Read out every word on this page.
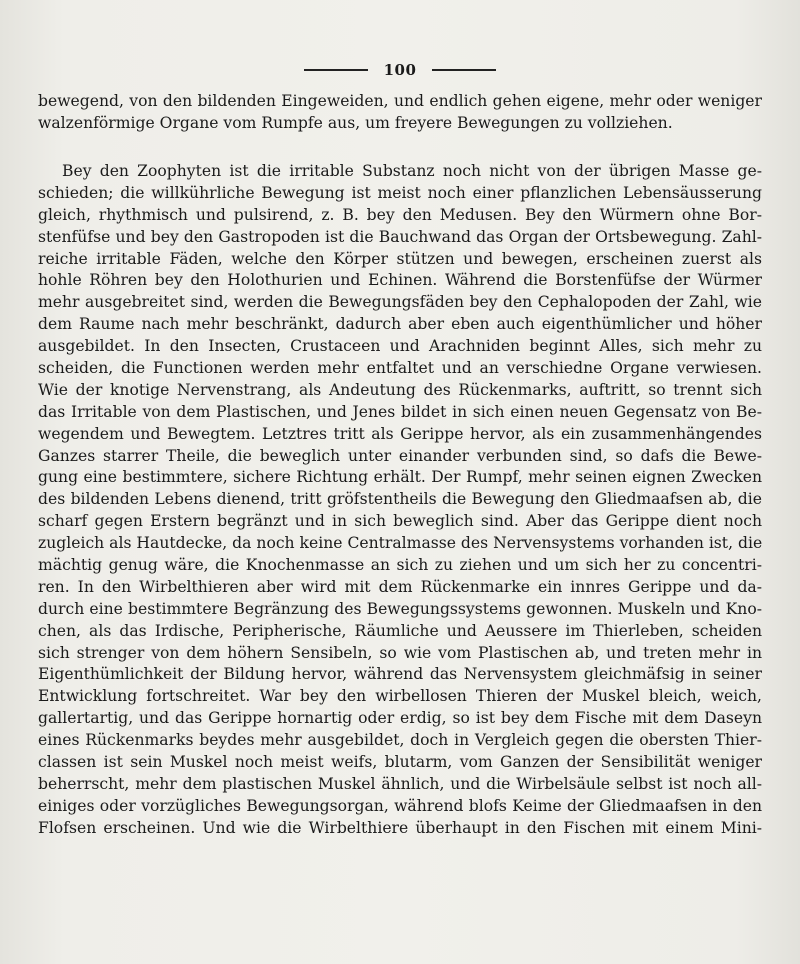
100
bewegend, von den bildenden Eingeweiden, und endlich gehen eigene, mehr oder weniger
walzenförmige Organe vom Rumpfe aus, um freyere Bewegungen zu vollziehen.
Bey den Zoophyten ist die irritable Substanz noch nicht von der übrigen Masse ge-
schieden; die willkührliche Bewegung ist meist noch einer pflanzlichen Lebensäusserung
gleich, rhythmisch und pulsirend, z. B. bey den Medusen. Bey den Würmern ohne Bor-
stenfüfse und bey den Gastropoden ist die Bauchwand das Organ der Ortsbewegung. Zahl-
reiche irritable Fäden, welche den Körper stützen und bewegen, erscheinen zuerst als
hohle Röhren bey den Holothurien und Echinen. Während die Borstenfüfse der Würmer
mehr ausgebreitet sind, werden die Bewegungsfäden bey den Cephalopoden der Zahl, wie
dem Raume nach mehr beschränkt, dadurch aber eben auch eigenthümlicher und höher
ausgebildet. In den Insecten, Crustaceen und Arachniden beginnt Alles, sich mehr zu
scheiden, die Functionen werden mehr entfaltet und an verschiedne Organe verwiesen.
Wie der knotige Nervenstrang, als Andeutung des Rückenmarks, auftritt, so trennt sich
das Irritable von dem Plastischen, und Jenes bildet in sich einen neuen Gegensatz von Be-
wegendem und Bewegtem. Letztres tritt als Gerippe hervor, als ein zusammenhängendes
Ganzes starrer Theile, die beweglich unter einander verbunden sind, so dafs die Bewe-
gung eine bestimmtere, sichere Richtung erhält. Der Rumpf, mehr seinen eignen Zwecken
des bildenden Lebens dienend, tritt gröfstentheils die Bewegung den Gliedmaafsen ab, die
scharf gegen Erstern begränzt und in sich beweglich sind. Aber das Gerippe dient noch
zugleich als Hautdecke, da noch keine Centralmasse des Nervensystems vorhanden ist, die
mächtig genug wäre, die Knochenmasse an sich zu ziehen und um sich her zu concentri-
ren. In den Wirbelthieren aber wird mit dem Rückenmarke ein innres Gerippe und da-
durch eine bestimmtere Begränzung des Bewegungssystems gewonnen. Muskeln und Kno-
chen, als das Irdische, Peripherische, Räumliche und Aeussere im Thierleben, scheiden
sich strenger von dem höhern Sensibeln, so wie vom Plastischen ab, und treten mehr in
Eigenthümlichkeit der Bildung hervor, während das Nervensystem gleichmäfsig in seiner
Entwicklung fortschreitet. War bey den wirbellosen Thieren der Muskel bleich, weich,
gallertartig, und das Gerippe hornartig oder erdig, so ist bey dem Fische mit dem Daseyn
eines Rückenmarks beydes mehr ausgebildet, doch in Vergleich gegen die obersten Thier-
classen ist sein Muskel noch meist weifs, blutarm, vom Ganzen der Sensibilität weniger
beherrscht, mehr dem plastischen Muskel ähnlich, und die Wirbelsäule selbst ist noch all-
einiges oder vorzügliches Bewegungsorgan, während blofs Keime der Gliedmaafsen in den
Flofsen erscheinen. Und wie die Wirbelthiere überhaupt in den Fischen mit einem Mini-
